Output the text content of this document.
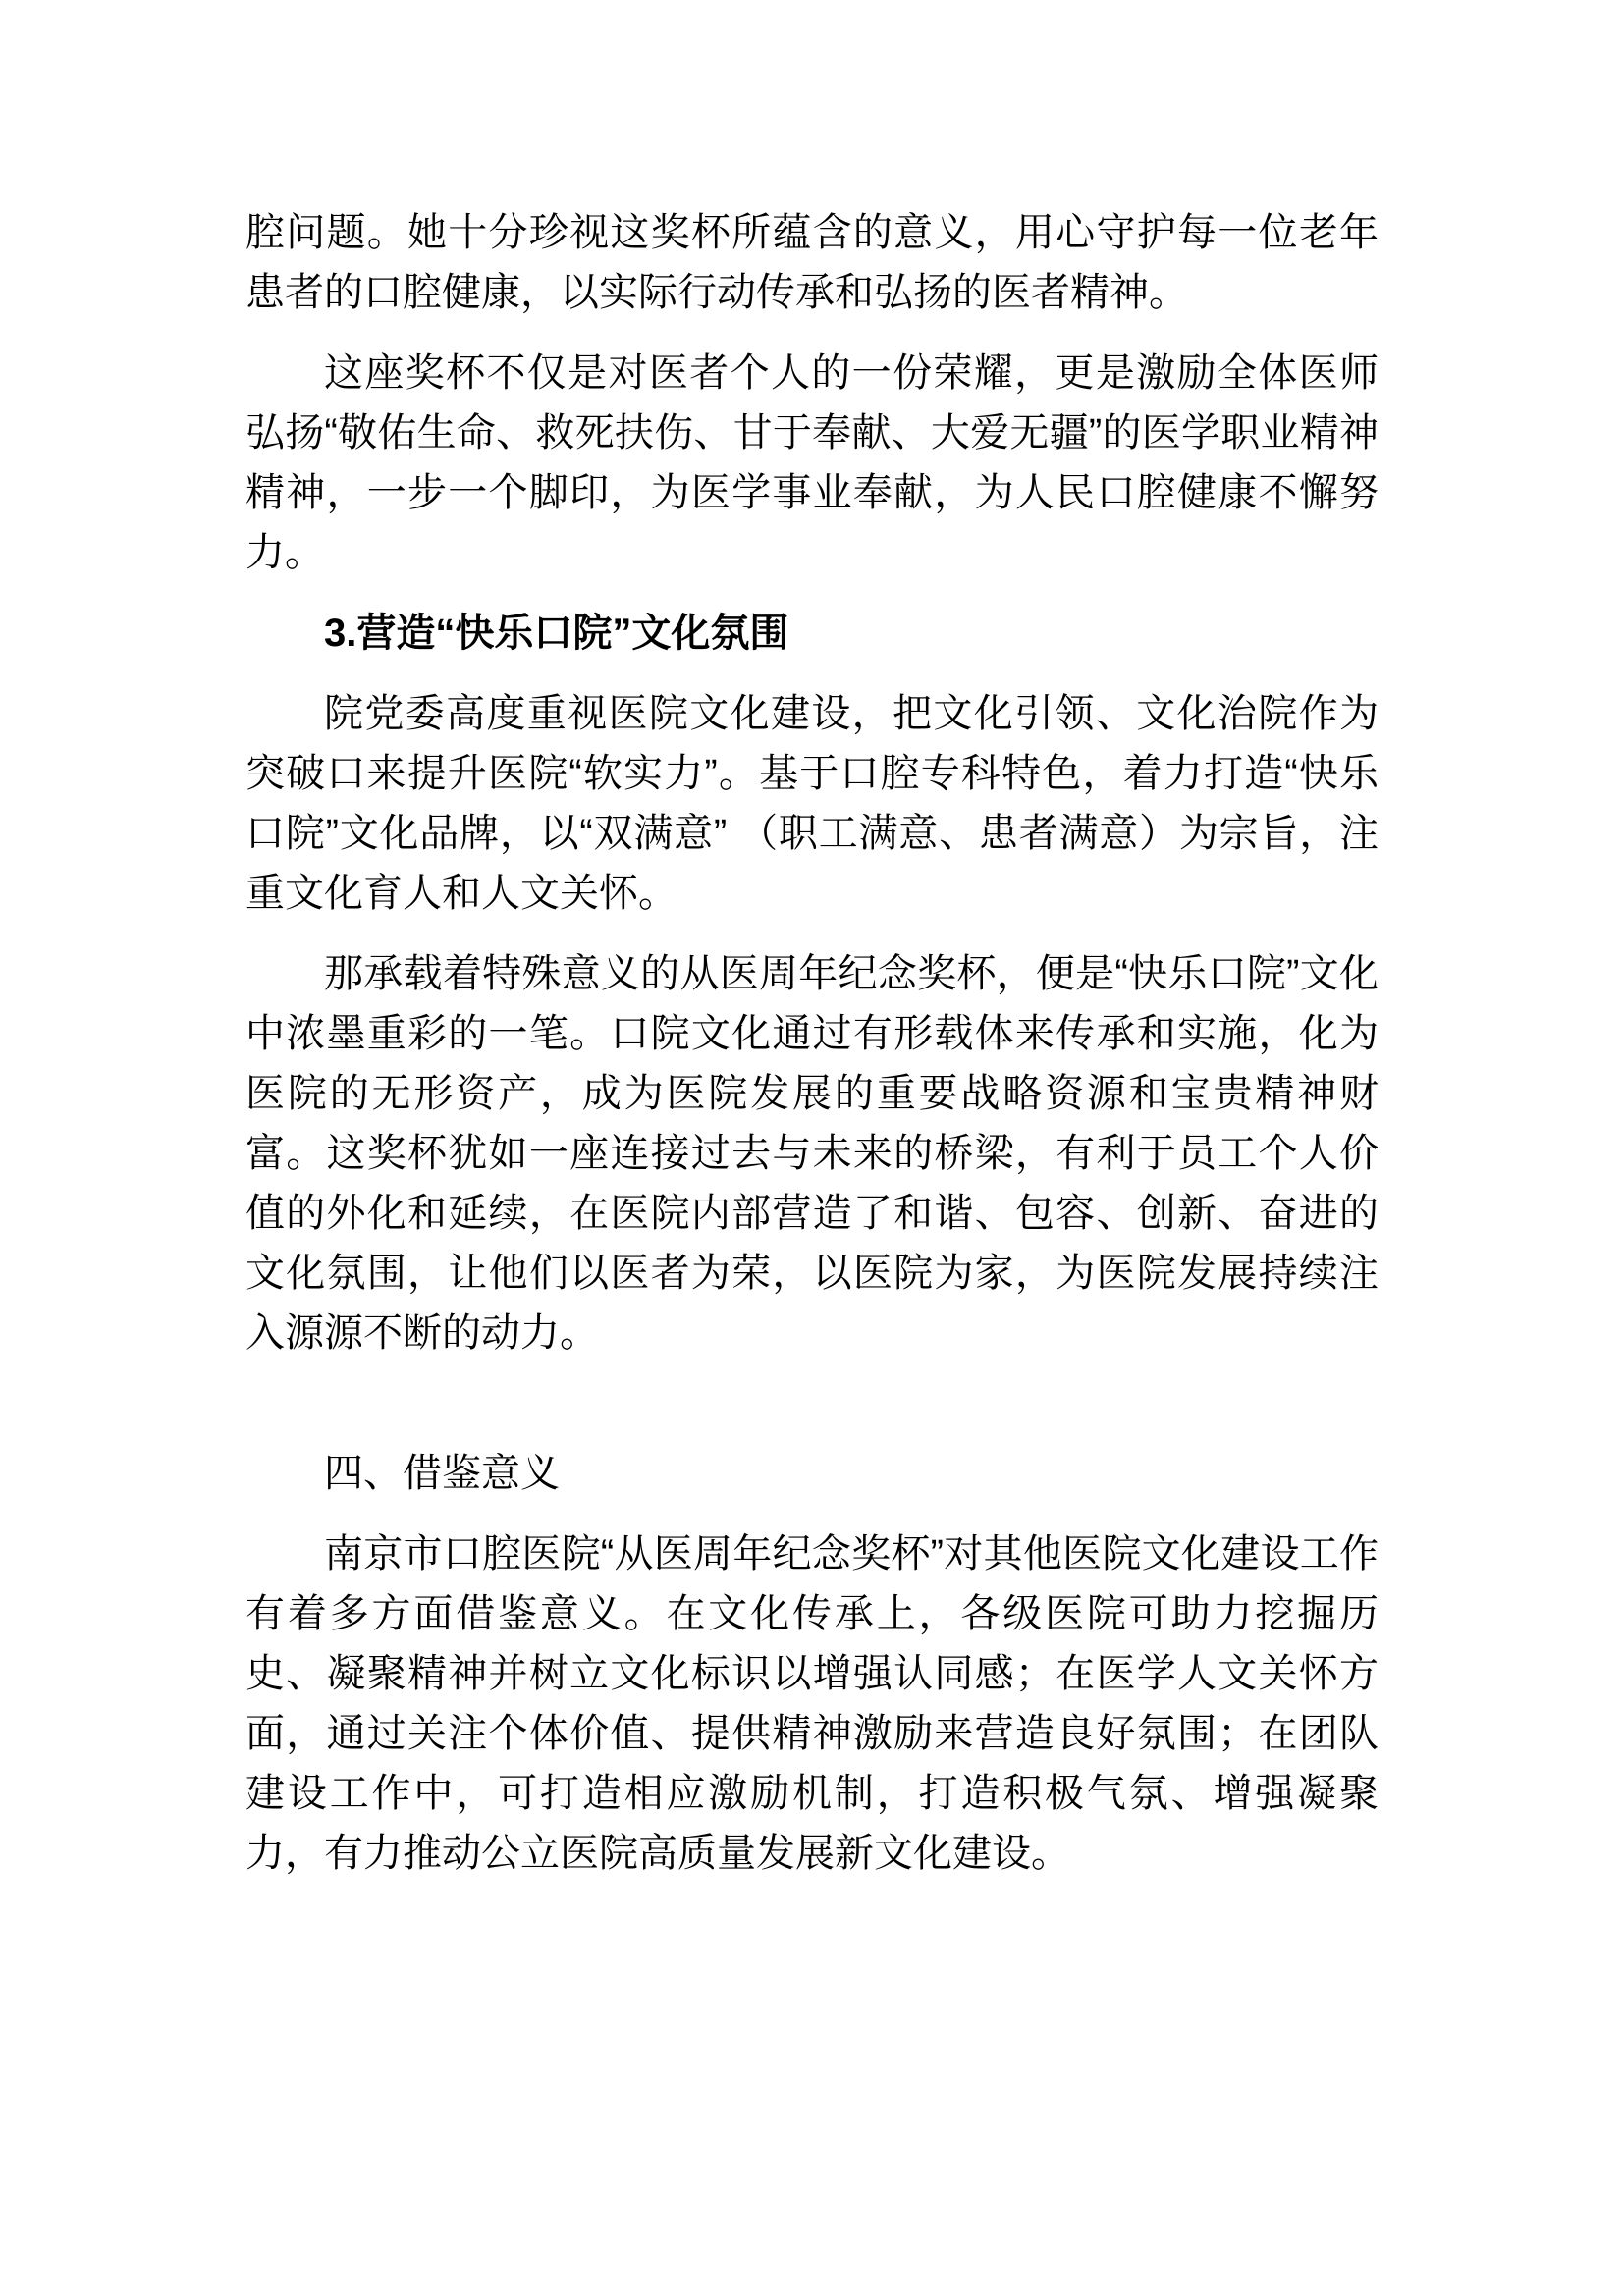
腔问题。她十分珍视这奖杯所蕴含的意义，用心守护每一位老年患者的口腔健康，以实际行动传承和弘扬的医者精神。

这座奖杯不仅是对医者个人的一份荣耀，更是激励全体医师弘扬“敬佑生命、救死扶伤、甘于奉献、大爱无疆”的医学职业精神精神，一步一个脚印，为医学事业奉献，为人民口腔健康不懈努力。

3.营造“快乐口院”文化氛围

院党委高度重视医院文化建设，把文化引领、文化治院作为突破口来提升医院“软实力”。基于口腔专科特色，着力打造“快乐口院”文化品牌，以“双满意” （职工满意、患者满意）为宗旨，注重文化育人和人文关怀。

那承载着特殊意义的从医周年纪念奖杯，便是“快乐口院”文化中浓墨重彩的一笔。口院文化通过有形载体来传承和实施，化为医院的无形资产，成为医院发展的重要战略资源和宝贵精神财富。这奖杯犹如一座连接过去与未来的桥梁，有利于员工个人价值的外化和延续，在医院内部营造了和谐、包容、创新、奋进的文化氛围，让他们以医者为荣，以医院为家，为医院发展持续注入源源不断的动力。

四、借鉴意义

南京市口腔医院“从医周年纪念奖杯”对其他医院文化建设工作有着多方面借鉴意义。在文化传承上，各级医院可助力挖掘历史、凝聚精神并树立文化标识以增强认同感；在医学人文关怀方面，通过关注个体价值、提供精神激励来营造良好氛围；在团队建设工作中，可打造相应激励机制，打造积极气氛、增强凝聚力，有力推动公立医院高质量发展新文化建设。
